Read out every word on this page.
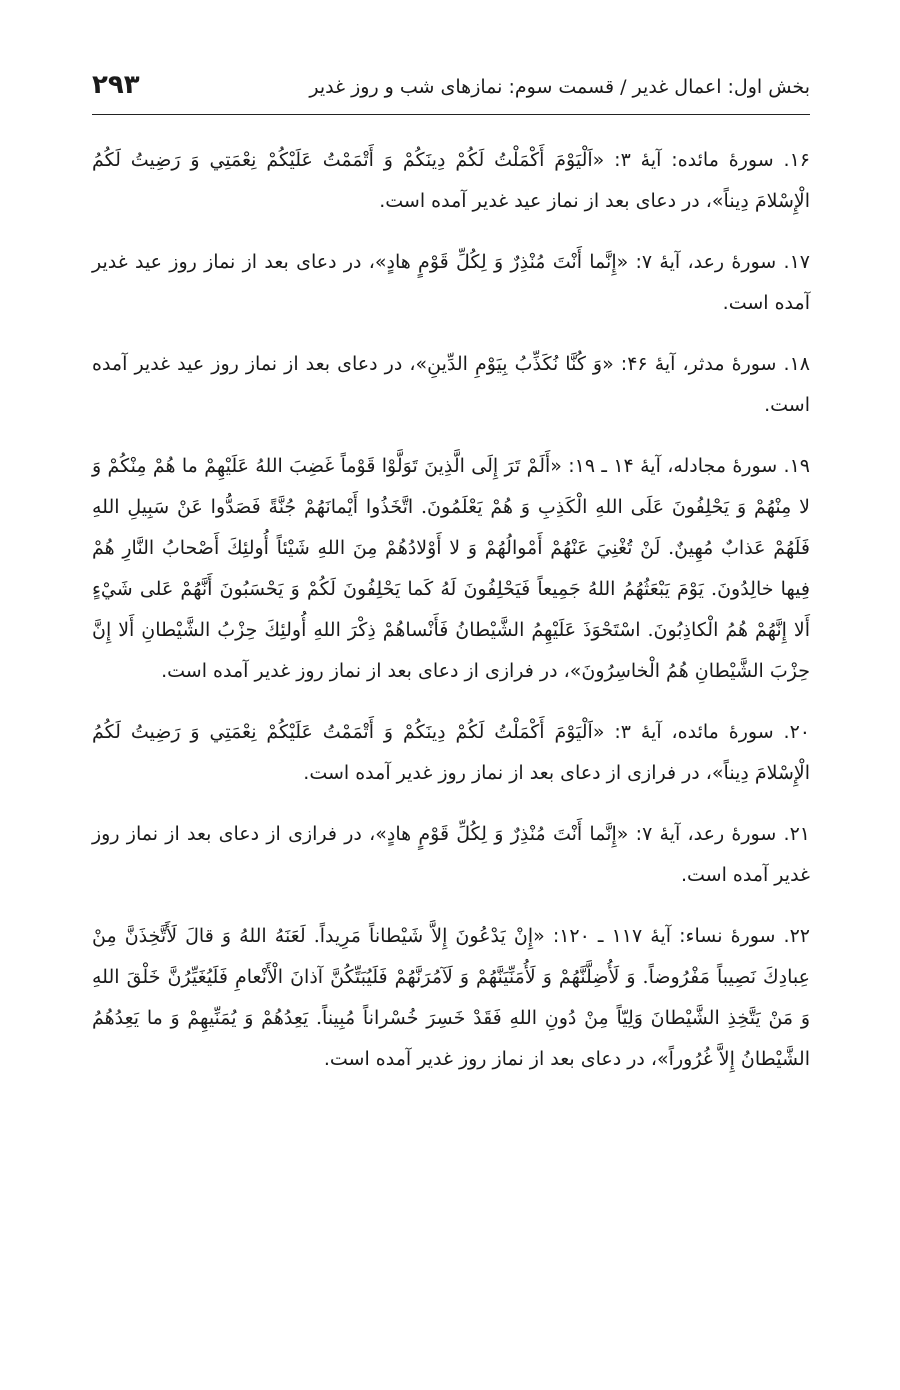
بخش اول: اعمال غدیر / قسمت سوم: نمازهای شب و روز غدیر
۲۹۳

۱۶. سورهٔ مائده: آیهٔ ۳: «اَلْيَوْمَ أَكْمَلْتُ لَكُمْ دِينَكُمْ وَ أَتْمَمْتُ عَلَيْكُمْ نِعْمَتِي وَ رَضِيتُ لَكُمُ الْإِسْلامَ دِيناً»، در دعای بعد از نماز عید غدیر آمده است.

۱۷. سورهٔ رعد، آیهٔ ۷: «إِنَّما أَنْتَ مُنْذِرٌ وَ لِكُلِّ قَوْمٍ هادٍ»، در دعای بعد از نماز روز عید غدیر آمده است.

۱۸. سورهٔ مدثر، آیهٔ ۴۶: «وَ كُنَّا نُكَذِّبُ بِيَوْمِ الدِّينِ»، در دعای بعد از نماز روز عید غدیر آمده است.

۱۹. سورهٔ مجادله، آیهٔ ۱۴ ـ ۱۹: «أَلَمْ تَرَ إِلَى الَّذِينَ تَوَلَّوْا قَوْماً غَضِبَ اللهُ عَلَيْهِمْ ما هُمْ مِنْكُمْ وَ لا مِنْهُمْ وَ يَحْلِفُونَ عَلَى اللهِ الْكَذِبِ وَ هُمْ يَعْلَمُونَ. اتَّخَذُوا أَيْمانَهُمْ جُنَّةً فَصَدُّوا عَنْ سَبِيلِ اللهِ فَلَهُمْ عَذابٌ مُهِينٌ. لَنْ تُغْنِيَ عَنْهُمْ أَمْوالُهُمْ وَ لا أَوْلادُهُمْ مِنَ اللهِ شَيْئاً أُولئِكَ أَصْحابُ النَّارِ هُمْ فِيها خالِدُونَ. يَوْمَ يَبْعَثُهُمُ اللهُ جَمِيعاً فَيَحْلِفُونَ لَهُ كَما يَحْلِفُونَ لَكُمْ وَ يَحْسَبُونَ أَنَّهُمْ عَلى شَيْءٍ أَلا إِنَّهُمْ هُمُ الْكاذِبُونَ. اسْتَحْوَذَ عَلَيْهِمُ الشَّيْطانُ فَأَنْساهُمْ ذِكْرَ اللهِ أُولئِكَ حِزْبُ الشَّيْطانِ أَلا إِنَّ حِزْبَ الشَّيْطانِ هُمُ الْخاسِرُونَ»، در فرازی از دعای بعد از نماز روز غدیر آمده است.

۲۰. سورهٔ مائده، آیهٔ ۳: «اَلْيَوْمَ أَكْمَلْتُ لَكُمْ دِينَكُمْ وَ أَتْمَمْتُ عَلَيْكُمْ نِعْمَتِي وَ رَضِيتُ لَكُمُ الْإِسْلامَ دِيناً»، در فرازی از دعای بعد از نماز روز غدیر آمده است.

۲۱. سورهٔ رعد، آیهٔ ۷: «إِنَّما أَنْتَ مُنْذِرٌ وَ لِكُلِّ قَوْمٍ هادٍ»، در فرازی از دعای بعد از نماز روز غدیر آمده است.

۲۲. سورهٔ نساء: آیهٔ ۱۱۷ ـ ۱۲۰: «إِنْ يَدْعُونَ إِلاَّ شَيْطاناً مَرِيداً. لَعَنَهُ اللهُ وَ قالَ لَأَتَّخِذَنَّ مِنْ عِبادِكَ نَصِيباً مَفْرُوضاً. وَ لَأُضِلَّنَّهُمْ وَ لَأُمَنِّيَنَّهُمْ وَ لَآمُرَنَّهُمْ فَلَيُبَتِّكُنَّ آذانَ الْأَنْعامِ فَلَيُغَيِّرُنَّ خَلْقَ اللهِ وَ مَنْ يَتَّخِذِ الشَّيْطانَ وَلِيّاً مِنْ دُونِ اللهِ فَقَدْ خَسِرَ خُسْراناً مُبِيناً. يَعِدُهُمْ وَ يُمَنِّيهِمْ وَ ما يَعِدُهُمُ الشَّيْطانُ إِلاَّ غُرُوراً»، در دعای بعد از نماز روز غدیر آمده است.
